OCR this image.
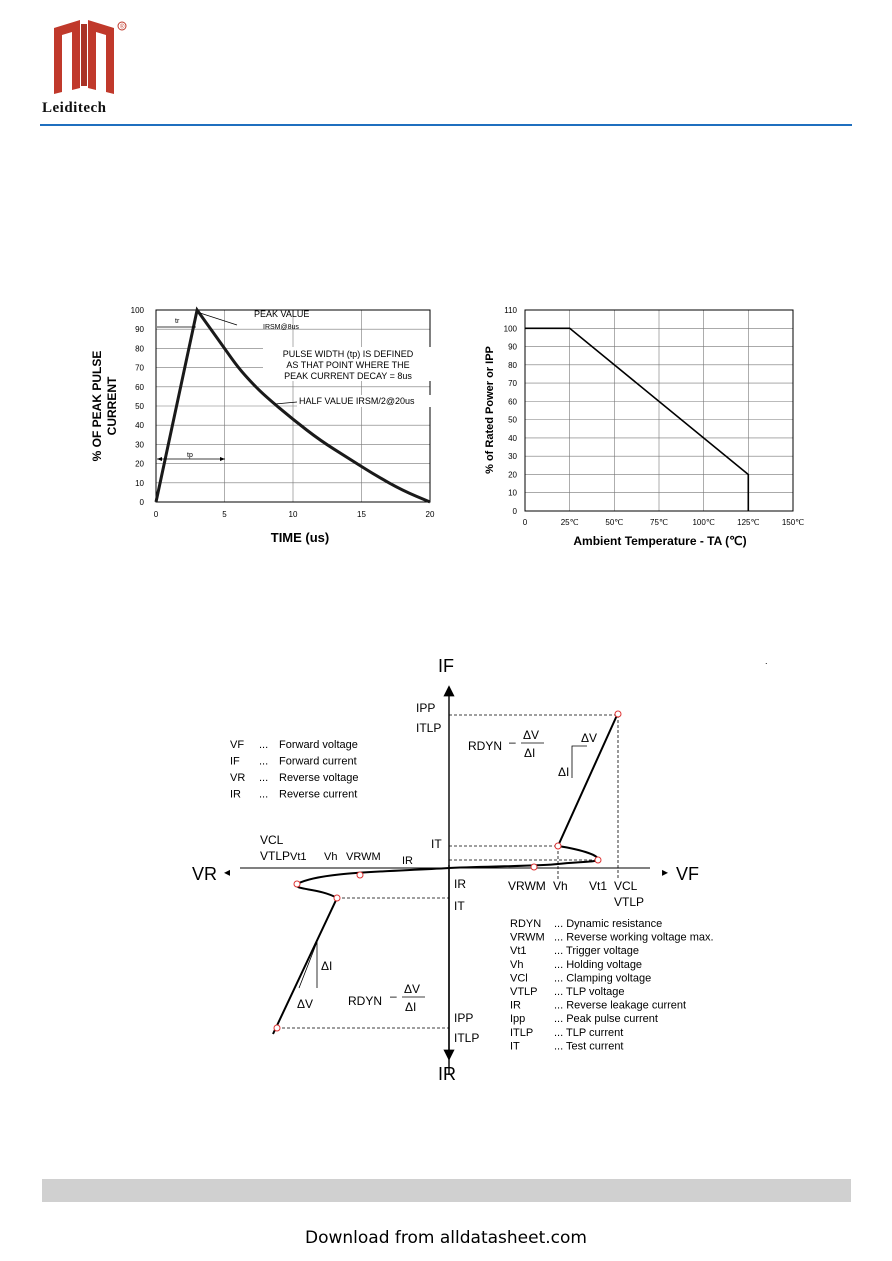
®
Leiditech
0
10
20
30
40
50
60
70
80
90
100
0	5	10	15	20
% OF PEAK PULSE CURRENT
TIME (us)
tr
tp
PEAK VALUE
IRSM@8us
PULSE WIDTH (tp) IS DEFINED
AS THAT POINT WHERE THE
PEAK CURRENT DECAY = 8us
HALF VALUE IRSM/2@20us
0
10
20
30
40
50
60
70
80
90
100
110
0	25℃	50℃	75℃	100℃	125℃	150℃
% of Rated Power or IPP
Ambient Temperature - TA (℃)
IF
IR
VR ◂	▸ VF
.
VF ... Forward voltage
IF ... Forward current
VR ... Reverse voltage
IR ... Reverse current
IPP
ITLP
RDYN – ΔV
ΔI
ΔV
ΔI
IT
IR
IR
IT
VCL
VTLP Vt1 Vh VRWM
VRWM Vh Vt1 VCL
VTLP
ΔI
ΔV	RDYN – ΔV
ΔI
IPP
ITLP
RDYN ... Dynamic resistance
VRWM ... Reverse working voltage max.
Vt1 ... Trigger voltage
Vh	... Holding voltage
VCl ... Clamping voltage
VTLP ... TLP voltage
IR	... Reverse leakage current
Ipp	... Peak pulse current
ITLP ... TLP current
IT	... Test current
Download from alldatasheet.com
